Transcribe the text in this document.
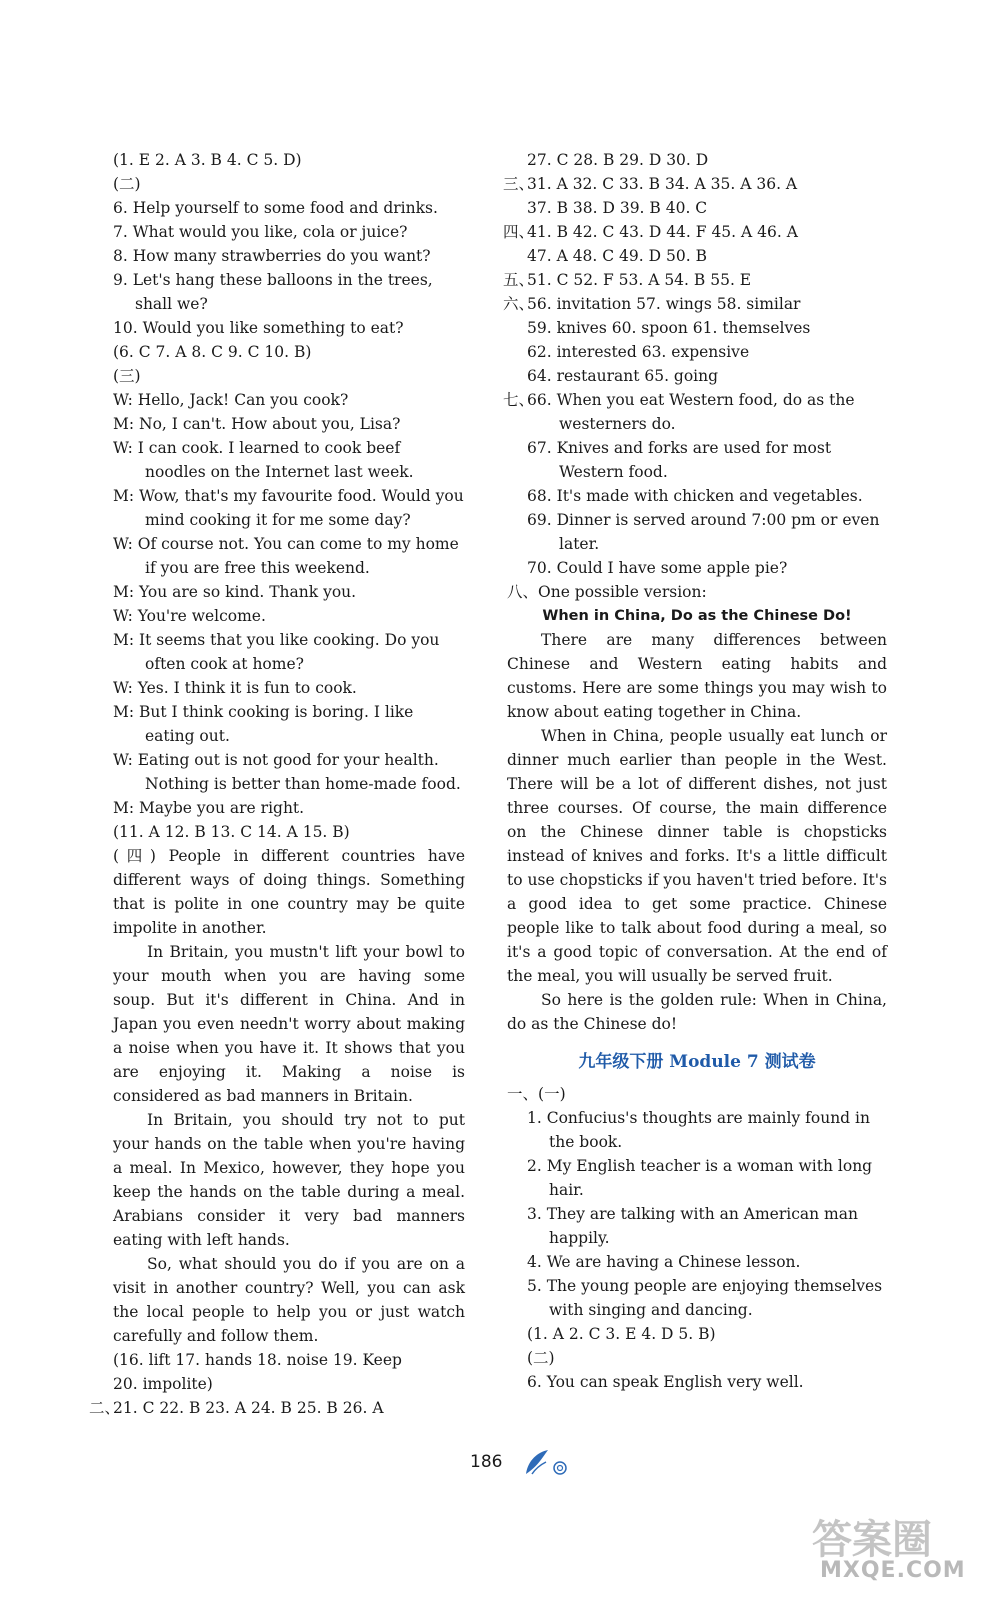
(1. E 2. A 3. B 4. C 5. D)
(二)
6. Help yourself to some food and drinks.
7. What would you like, cola or juice?
8. How many strawberries do you want?
9. Let's hang these balloons in the trees, shall we?
10. Would you like something to eat?
(6. C 7. A 8. C 9. C 10. B)
(三)
W: Hello, Jack! Can you cook?
M: No, I can't. How about you, Lisa?
W: I can cook. I learned to cook beef noodles on the Internet last week.
M: Wow, that's my favourite food. Would you mind cooking it for me some day?
W: Of course not. You can come to my home if you are free this weekend.
M: You are so kind. Thank you.
W: You're welcome.
M: It seems that you like cooking. Do you often cook at home?
W: Yes. I think it is fun to cook.
M: But I think cooking is boring. I like eating out.
W: Eating out is not good for your health. Nothing is better than home-made food.
M: Maybe you are right.
(11. A 12. B 13. C 14. A 15. B)
(四) People in different countries have different ways of doing things. Something that is polite in one country may be quite impolite in another.
In Britain, you mustn't lift your bowl to your mouth when you are having some soup. But it's different in China. And in Japan you even needn't worry about making a noise when you have it. It shows that you are enjoying it. Making a noise is considered as bad manners in Britain.
In Britain, you should try not to put your hands on the table when you're having a meal. In Mexico, however, they hope you keep the hands on the table during a meal. Arabians consider it very bad manners eating with left hands.
So, what should you do if you are on a visit in another country? Well, you can ask the local people to help you or just watch carefully and follow them.
(16. lift 17. hands 18. noise 19. Keep
20. impolite)
二、
21. C 22. B 23. A 24. B 25. B 26. A
27. C 28. B 29. D 30. D
三、
31. A 32. C 33. B 34. A 35. A 36. A
37. B 38. D 39. B 40. C
四、
41. B 42. C 43. D 44. F 45. A 46. A
47. A 48. C 49. D 50. B
五、
51. C 52. F 53. A 54. B 55. E
六、
56. invitation 57. wings 58. similar
59. knives 60. spoon 61. themselves
62. interested 63. expensive
64. restaurant 65. going
七、
66. When you eat Western food, do as the westerners do.
67. Knives and forks are used for most Western food.
68. It's made with chicken and vegetables.
69. Dinner is served around 7:00 pm or even later.
70. Could I have some apple pie?
八、One possible version:
When in China, Do as the Chinese Do!
There are many differences between Chinese and Western eating habits and customs. Here are some things you may wish to know about eating together in China.
When in China, people usually eat lunch or dinner much earlier than people in the West. There will be a lot of different dishes, not just three courses. Of course, the main difference on the Chinese dinner table is chopsticks instead of knives and forks. It's a little difficult to use chopsticks if you haven't tried before. It's a good idea to get some practice. Chinese people like to talk about food during a meal, so it's a good topic of conversation. At the end of the meal, you will usually be served fruit.
So here is the golden rule: When in China, do as the Chinese do!
九年级下册 Module 7 测试卷
一、(一)
1. Confucius's thoughts are mainly found in the book.
2. My English teacher is a woman with long hair.
3. They are talking with an American man happily.
4. We are having a Chinese lesson.
5. The young people are enjoying themselves with singing and dancing.
(1. A 2. C 3. E 4. D 5. B)
(二)
6. You can speak English very well.
186
答案圈
MXQE.COM
